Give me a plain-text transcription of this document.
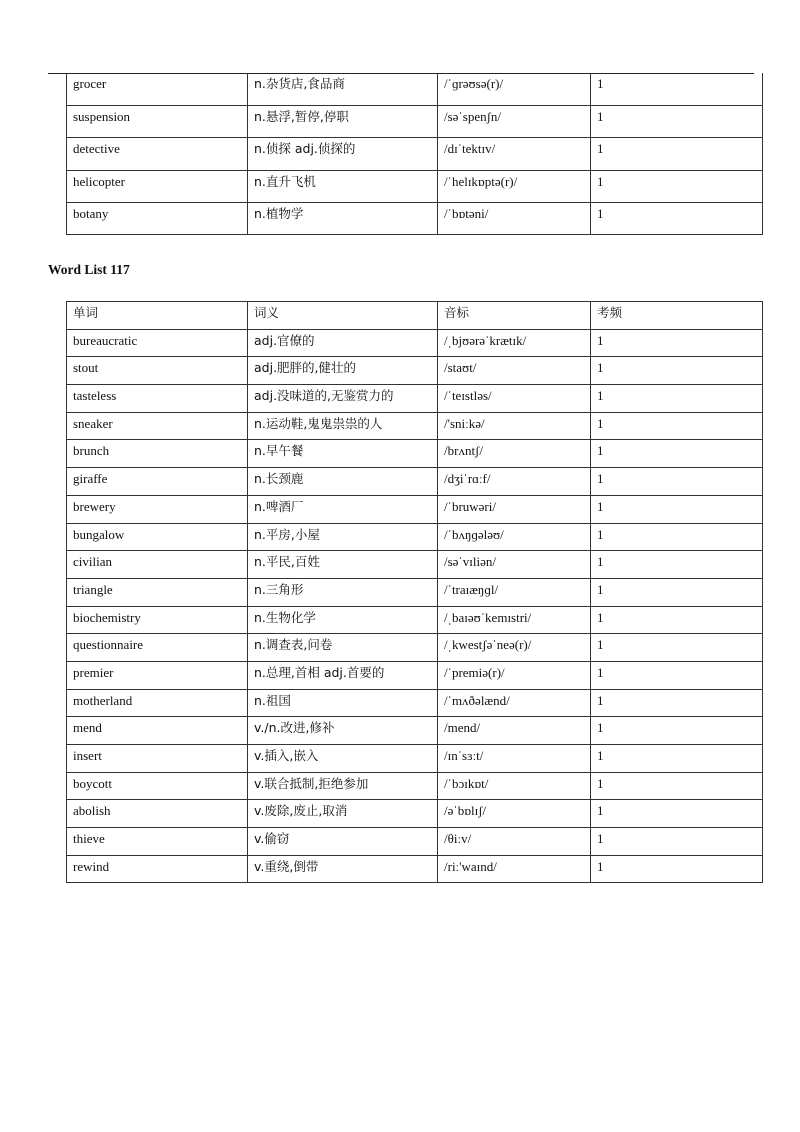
grocer	n.杂货店,食品商	/ˈɡrəʊsə(r)/	1
suspension	n.悬浮,暂停,停职	/səˈspenʃn/	1
detective	n.侦探 adj.侦探的	/dɪˈtektɪv/	1
helicopter	n.直升飞机	/ˈhelɪkɒptə(r)/	1
botany	n.植物学	/ˈbɒtəni/	1
Word List 117
单词	词义	音标	考频
bureaucratic	adj.官僚的	/ˌbjʊərəˈkrætɪk/	1
stout	adj.肥胖的,健壮的	/staʊt/	1
tasteless	adj.没味道的,无鉴赏力的	/ˈteɪstləs/	1
sneaker	n.运动鞋,鬼鬼祟祟的人	/'sniːkə/	1
brunch	n.早午餐	/brʌntʃ/	1
giraffe	n.长颈鹿	/dʒiˈrɑːf/	1
brewery	n.啤酒厂	/ˈbruwəri/	1
bungalow	n.平房,小屋	/ˈbʌŋɡələʊ/	1
civilian	n.平民,百姓	/səˈvɪliən/	1
triangle	n.三角形	/ˈtraɪæŋɡl/	1
biochemistry	n.生物化学	/ˌbaɪəʊˈkemɪstri/	1
questionnaire	n.调查表,问卷	/ˌkwestʃəˈneə(r)/	1
premier	n.总理,首相 adj.首要的	/ˈpremiə(r)/	1
motherland	n.祖国	/ˈmʌðəlænd/	1
mend	v./n.改进,修补	/mend/	1
insert	v.插入,嵌入	/ɪnˈsɜːt/	1
boycott	v.联合抵制,拒绝参加	/ˈbɔɪkɒt/	1
abolish	v.废除,废止,取消	/əˈbɒlɪʃ/	1
thieve	v.偷窃	/θiːv/	1
rewind	v.重绕,倒带	/riː'waɪnd/	1
